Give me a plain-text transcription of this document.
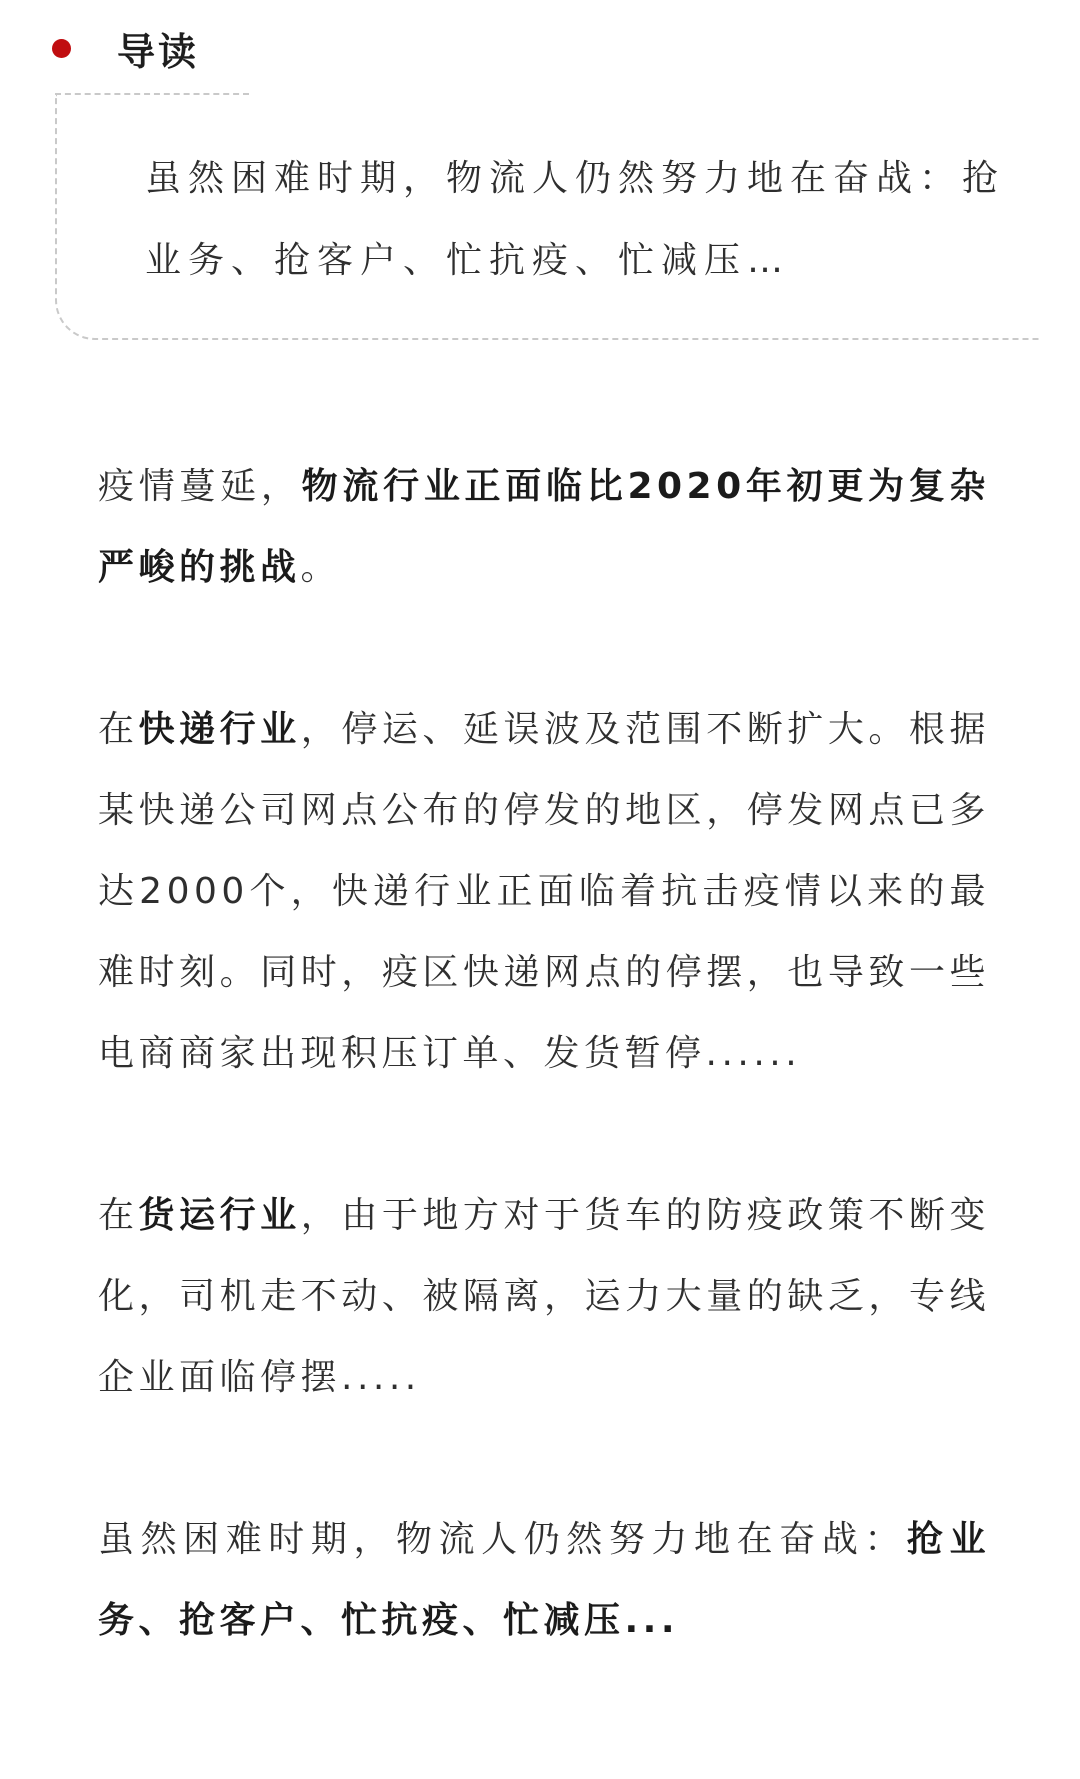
导读
虽然困难时期，物流人仍然努力地在奋战：抢业务、抢客户、忙抗疫、忙减压…

疫情蔓延，物流行业正面临比2020年初更为复杂严峻的挑战。

在快递行业，停运、延误波及范围不断扩大。根据某快递公司网点公布的停发的地区，停发网点已多达2000个，快递行业正面临着抗击疫情以来的最难时刻。同时，疫区快递网点的停摆，也导致一些电商商家出现积压订单、发货暂停......

在货运行业，由于地方对于货车的防疫政策不断变化，司机走不动、被隔离，运力大量的缺乏，专线企业面临停摆.....

虽然困难时期，物流人仍然努力地在奋战：抢业务、抢客户、忙抗疫、忙减压...
